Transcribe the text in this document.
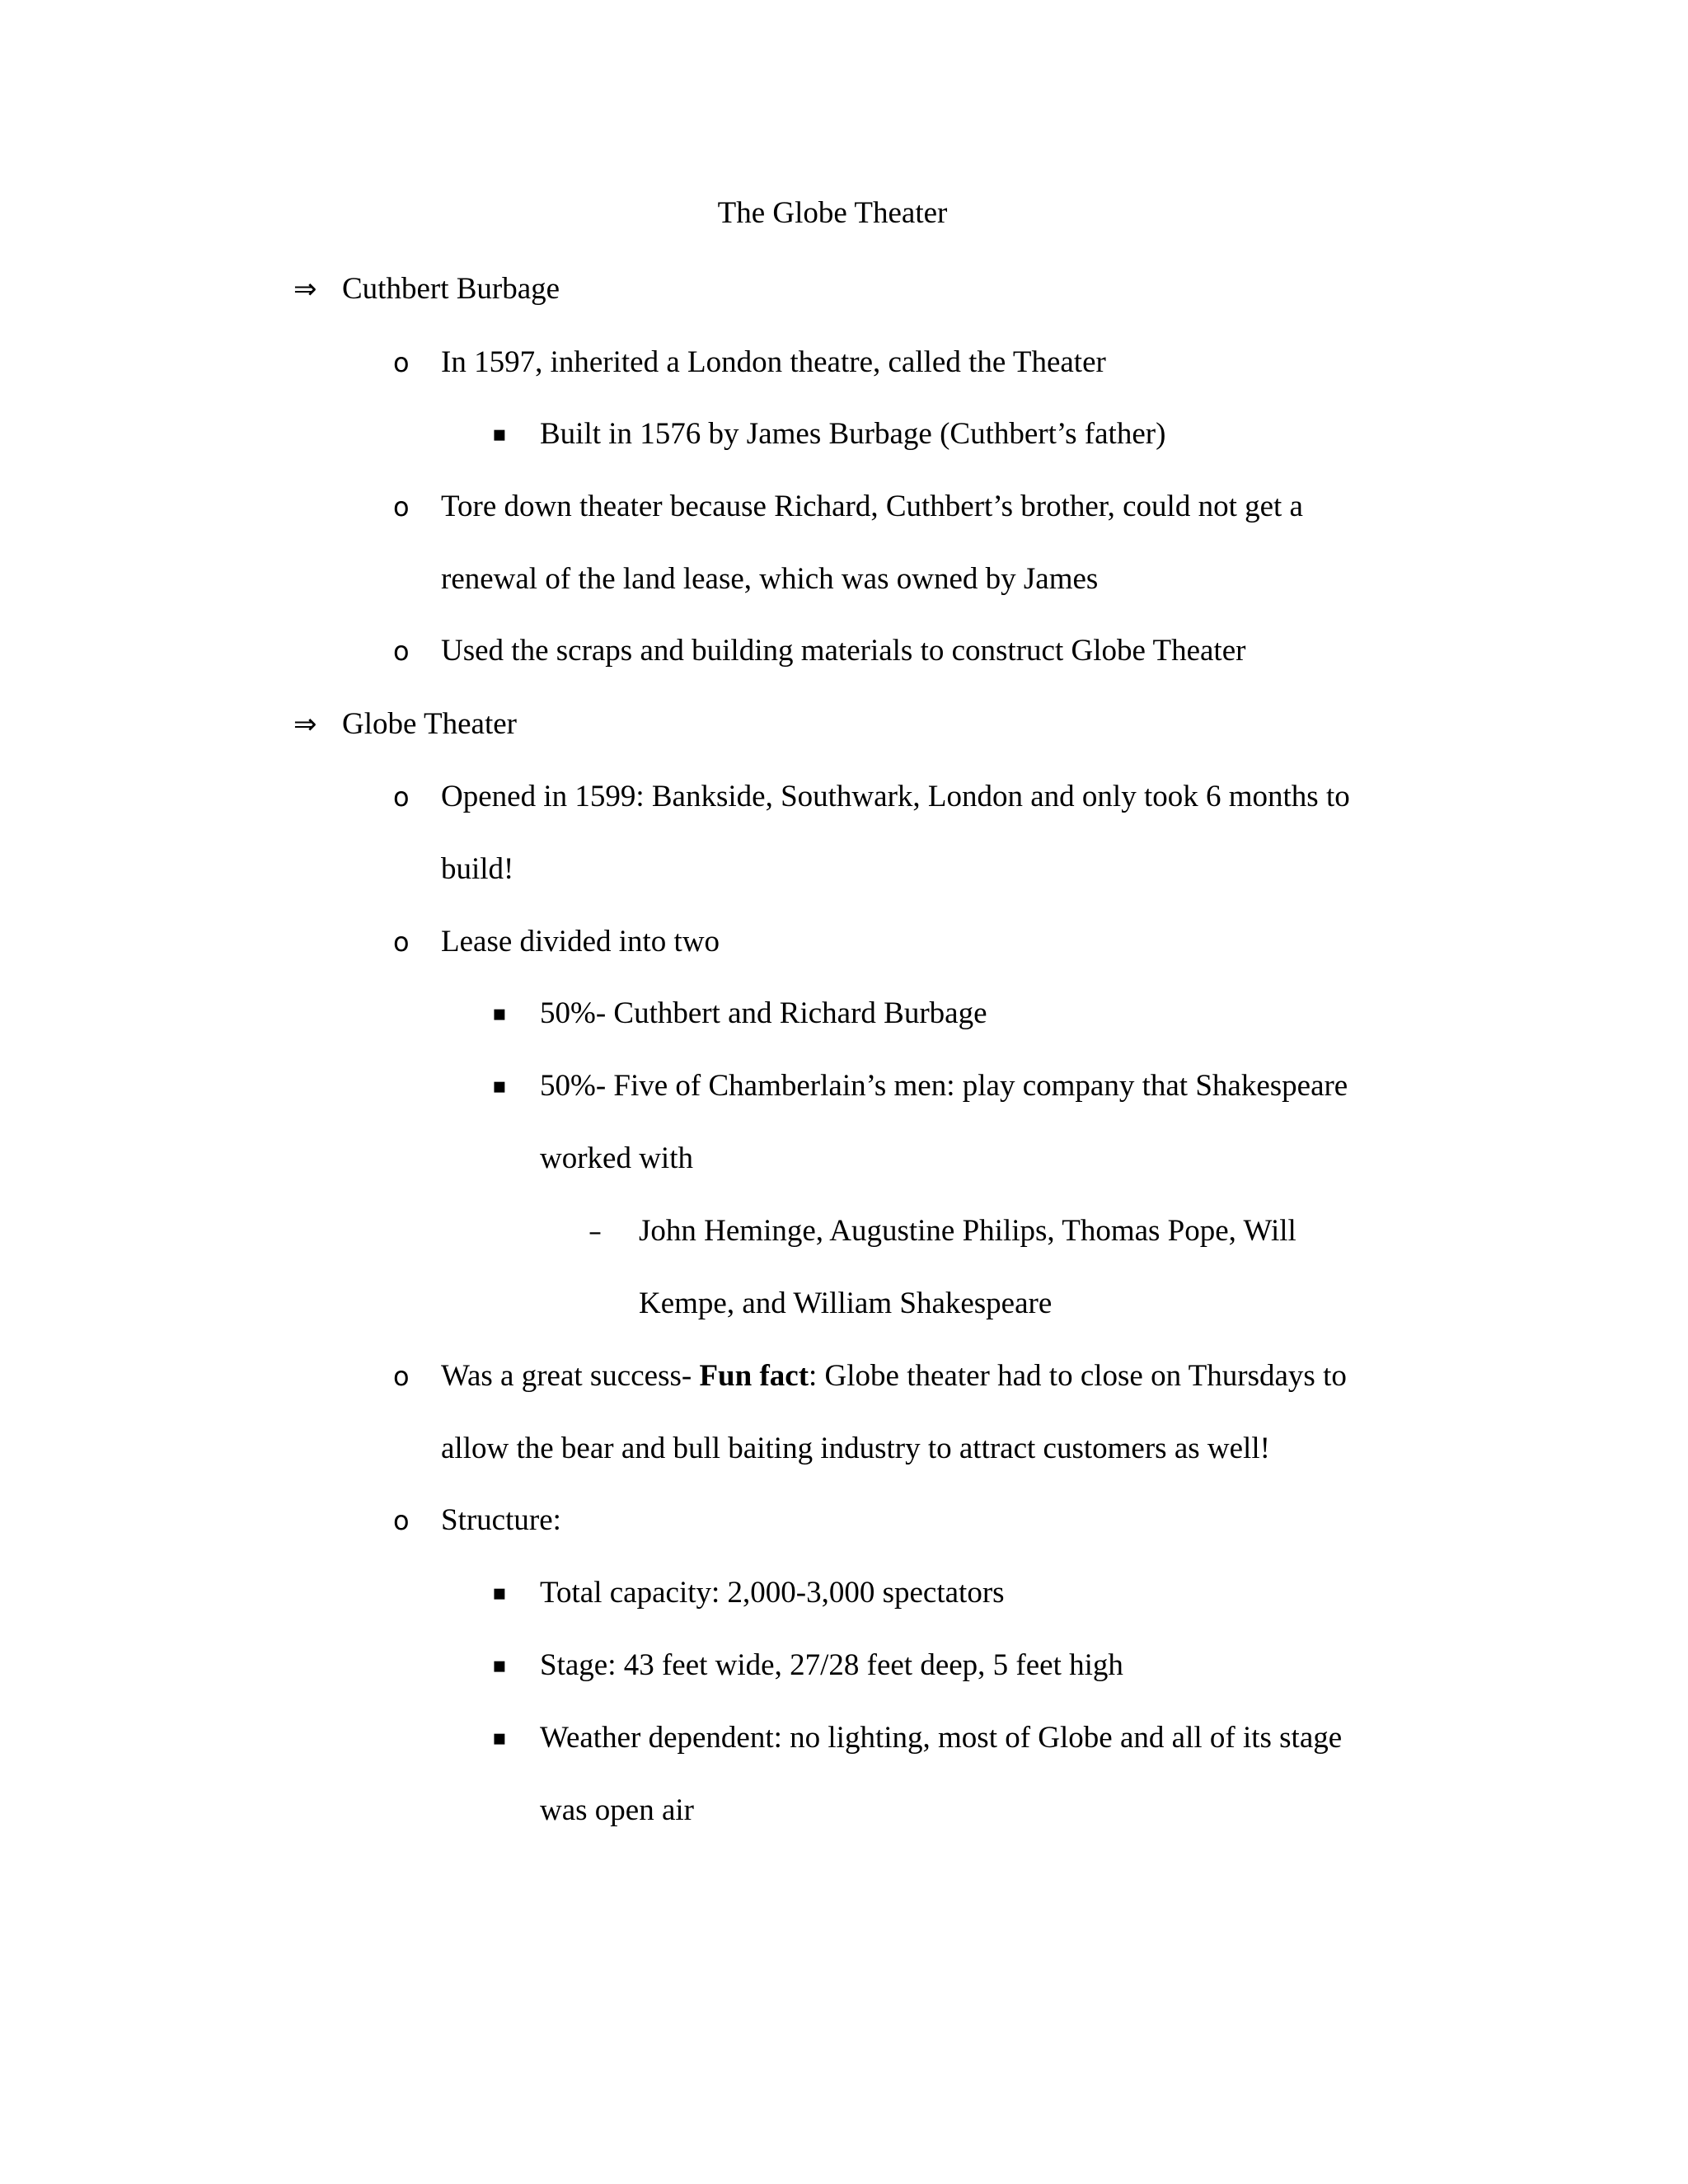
The Globe Theater
⇒ Cuthbert Burbage
o In 1597, inherited a London theatre, called the Theater
▪ Built in 1576 by James Burbage (Cuthbert’s father)
o Tore down theater because Richard, Cuthbert’s brother, could not get a
renewal of the land lease, which was owned by James
o Used the scraps and building materials to construct Globe Theater
⇒ Globe Theater
o Opened in 1599: Bankside, Southwark, London and only took 6 months to
build!
o Lease divided into two
▪ 50%- Cuthbert and Richard Burbage
▪ 50%- Five of Chamberlain’s men: play company that Shakespeare
worked with
– John Heminge, Augustine Philips, Thomas Pope, Will
Kempe, and William Shakespeare
o Was a great success- Fun fact: Globe theater had to close on Thursdays to
allow the bear and bull baiting industry to attract customers as well!
o Structure:
▪ Total capacity: 2,000-3,000 spectators
▪ Stage: 43 feet wide, 27/28 feet deep, 5 feet high
▪ Weather dependent: no lighting, most of Globe and all of its stage
was open air
